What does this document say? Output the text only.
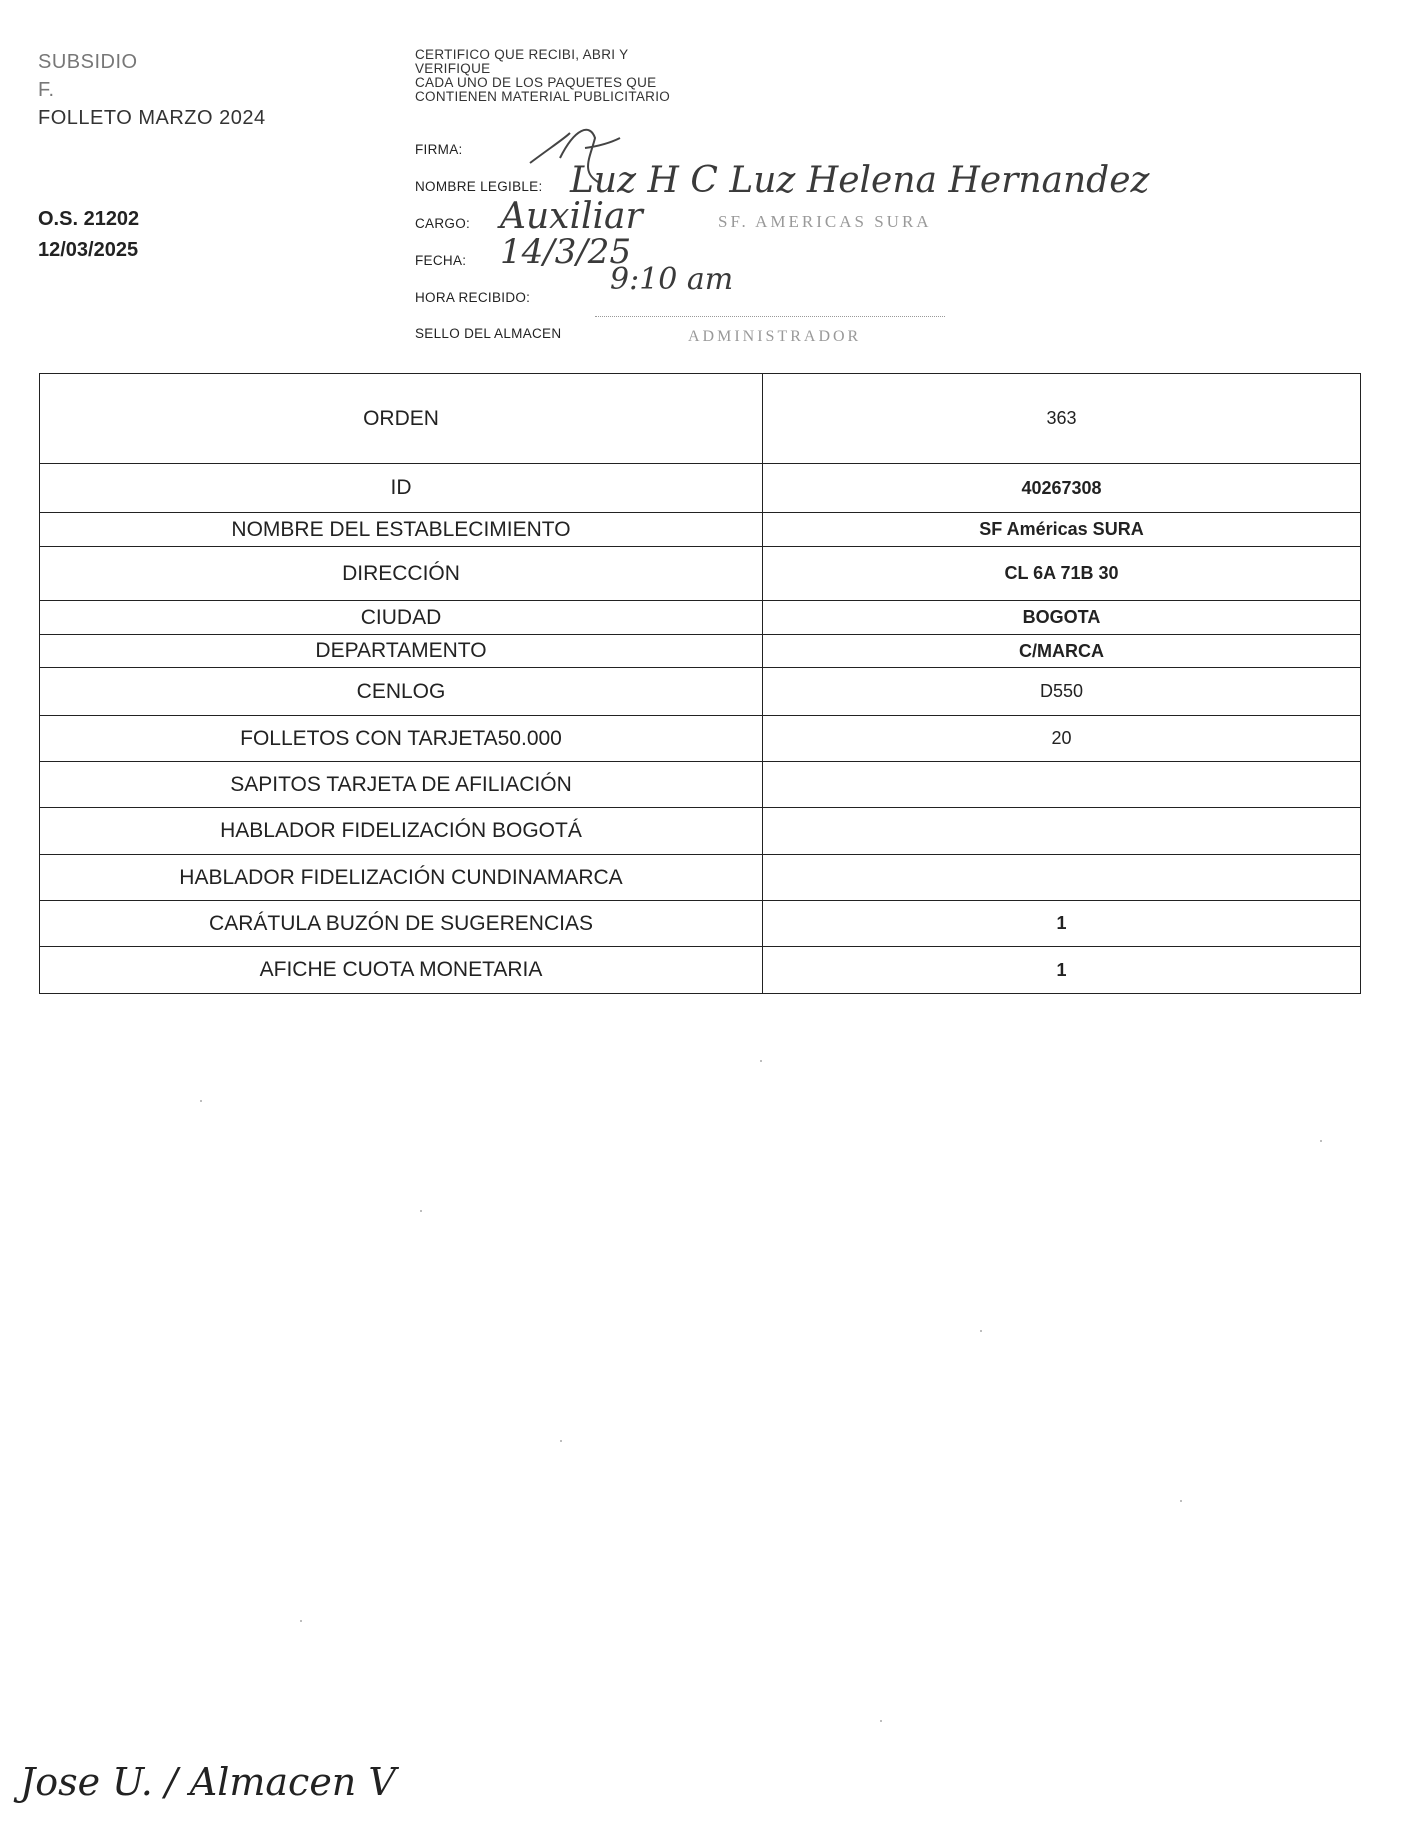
SUBSIDIO
F.
FOLLETO MARZO 2024
O.S. 21202
12/03/2025
CERTIFICO QUE RECIBI, ABRI Y
VERIFIQUE
CADA UNO DE LOS PAQUETES QUE
CONTIENEN MATERIAL PUBLICITARIO
FIRMA:
NOMBRE LEGIBLE:
CARGO:
FECHA:
HORA RECIBIDO:
SELLO DEL ALMACEN
Luz H C Luz Helena Hernandez
Auxiliar
14/3/25
9:10 am
SF. AMERICAS SURA
ADMINISTRADOR
ORDEN	363
ID	40267308
NOMBRE DEL ESTABLECIMIENTO	SF Américas SURA
DIRECCIÓN	CL 6A 71B 30
CIUDAD	BOGOTA
DEPARTAMENTO	C/MARCA
CENLOG	D550
FOLLETOS CON TARJETA50.000	20
SAPITOS TARJETA DE AFILIACIÓN	
HABLADOR FIDELIZACIÓN BOGOTÁ	
HABLADOR FIDELIZACIÓN CUNDINAMARCA	
CARÁTULA BUZÓN DE SUGERENCIAS	1
AFICHE CUOTA MONETARIA	1
Jose U. / Almacen V
